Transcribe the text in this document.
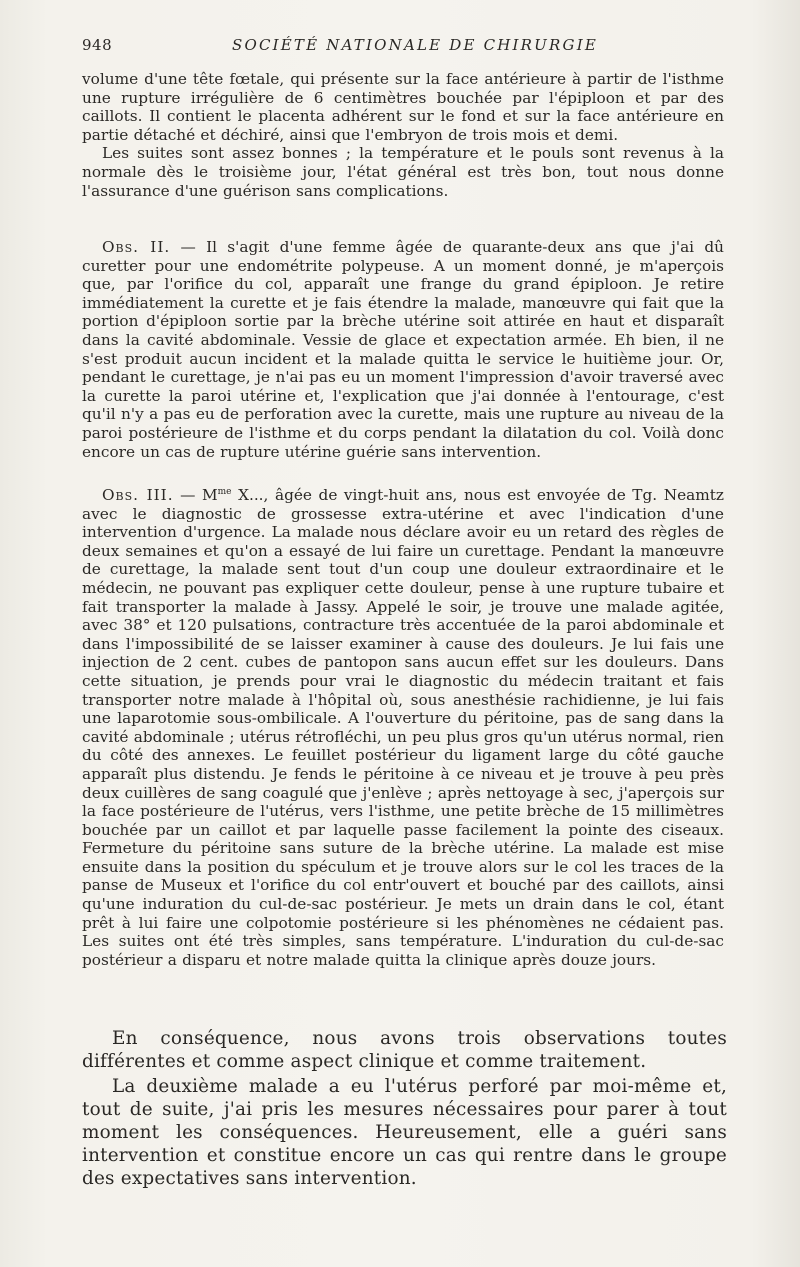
948	SOCIÉTÉ NATIONALE DE CHIRURGIE

volume d'une tête fœtale, qui présente sur la face antérieure à partir de l'isthme une rupture irrégulière de 6 centimètres bouchée par l'épiploon et par des caillots. Il contient le placenta adhérent sur le fond et sur la face antérieure en partie détaché et déchiré, ainsi que l'embryon de trois mois et demi.

Les suites sont assez bonnes ; la température et le pouls sont revenus à la normale dès le troisième jour, l'état général est très bon, tout nous donne l'assurance d'une guérison sans complications.

Obs. II. — Il s'agit d'une femme âgée de quarante-deux ans que j'ai dû curetter pour une endométrite polypeuse. A un moment donné, je m'aperçois que, par l'orifice du col, apparaît une frange du grand épiploon. Je retire immédiatement la curette et je fais étendre la malade, manœuvre qui fait que la portion d'épiploon sortie par la brèche utérine soit attirée en haut et disparaît dans la cavité abdominale. Vessie de glace et expectation armée. Eh bien, il ne s'est produit aucun incident et la malade quitta le service le huitième jour. Or, pendant le curettage, je n'ai pas eu un moment l'impression d'avoir traversé avec la curette la paroi utérine et, l'explication que j'ai donnée à l'entourage, c'est qu'il n'y a pas eu de perforation avec la curette, mais une rupture au niveau de la paroi postérieure de l'isthme et du corps pendant la dilatation du col. Voilà donc encore un cas de rupture utérine guérie sans intervention.

Obs. III. — $M^{me}$ X..., âgée de vingt-huit ans, nous est envoyée de Tg. Neamtz avec le diagnostic de grossesse extra-utérine et avec l'indication d'une intervention d'urgence. La malade nous déclare avoir eu un retard des règles de deux semaines et qu'on a essayé de lui faire un curettage. Pendant la manœuvre de curettage, la malade sent tout d'un coup une douleur extraordinaire et le médecin, ne pouvant pas expliquer cette douleur, pense à une rupture tubaire et fait transporter la malade à Jassy. Appelé le soir, je trouve une malade agitée, avec 38° et 120 pulsations, contracture très accentuée de la paroi abdominale et dans l'impossibilité de se laisser examiner à cause des douleurs. Je lui fais une injection de 2 cent. cubes de pantopon sans aucun effet sur les douleurs. Dans cette situation, je prends pour vrai le diagnostic du médecin traitant et fais transporter notre malade à l'hôpital où, sous anesthésie rachidienne, je lui fais une laparotomie sous-ombilicale. A l'ouverture du péritoine, pas de sang dans la cavité abdominale ; utérus rétrofléchi, un peu plus gros qu'un utérus normal, rien du côté des annexes. Le feuillet postérieur du ligament large du côté gauche apparaît plus distendu. Je fends le péritoine à ce niveau et je trouve à peu près deux cuillères de sang coagulé que j'enlève ; après nettoyage à sec, j'aperçois sur la face postérieure de l'utérus, vers l'isthme, une petite brèche de 15 millimètres bouchée par un caillot et par laquelle passe facilement la pointe des ciseaux. Fermeture du péritoine sans suture de la brèche utérine. La malade est mise ensuite dans la position du spéculum et je trouve alors sur le col les traces de la panse de Museux et l'orifice du col entr'ouvert et bouché par des caillots, ainsi qu'une induration du cul-de-sac postérieur. Je mets un drain dans le col, étant prêt à lui faire une colpotomie postérieure si les phénomènes ne cédaient pas. Les suites ont été très simples, sans température. L'induration du cul-de-sac postérieur a disparu et notre malade quitta la clinique après douze jours.

En conséquence, nous avons trois observations toutes différentes et comme aspect clinique et comme traitement.

La deuxième malade a eu l'utérus perforé par moi-même et, tout de suite, j'ai pris les mesures nécessaires pour parer à tout moment les conséquences. Heureusement, elle a guéri sans intervention et constitue encore un cas qui rentre dans le groupe des expectatives sans intervention.
